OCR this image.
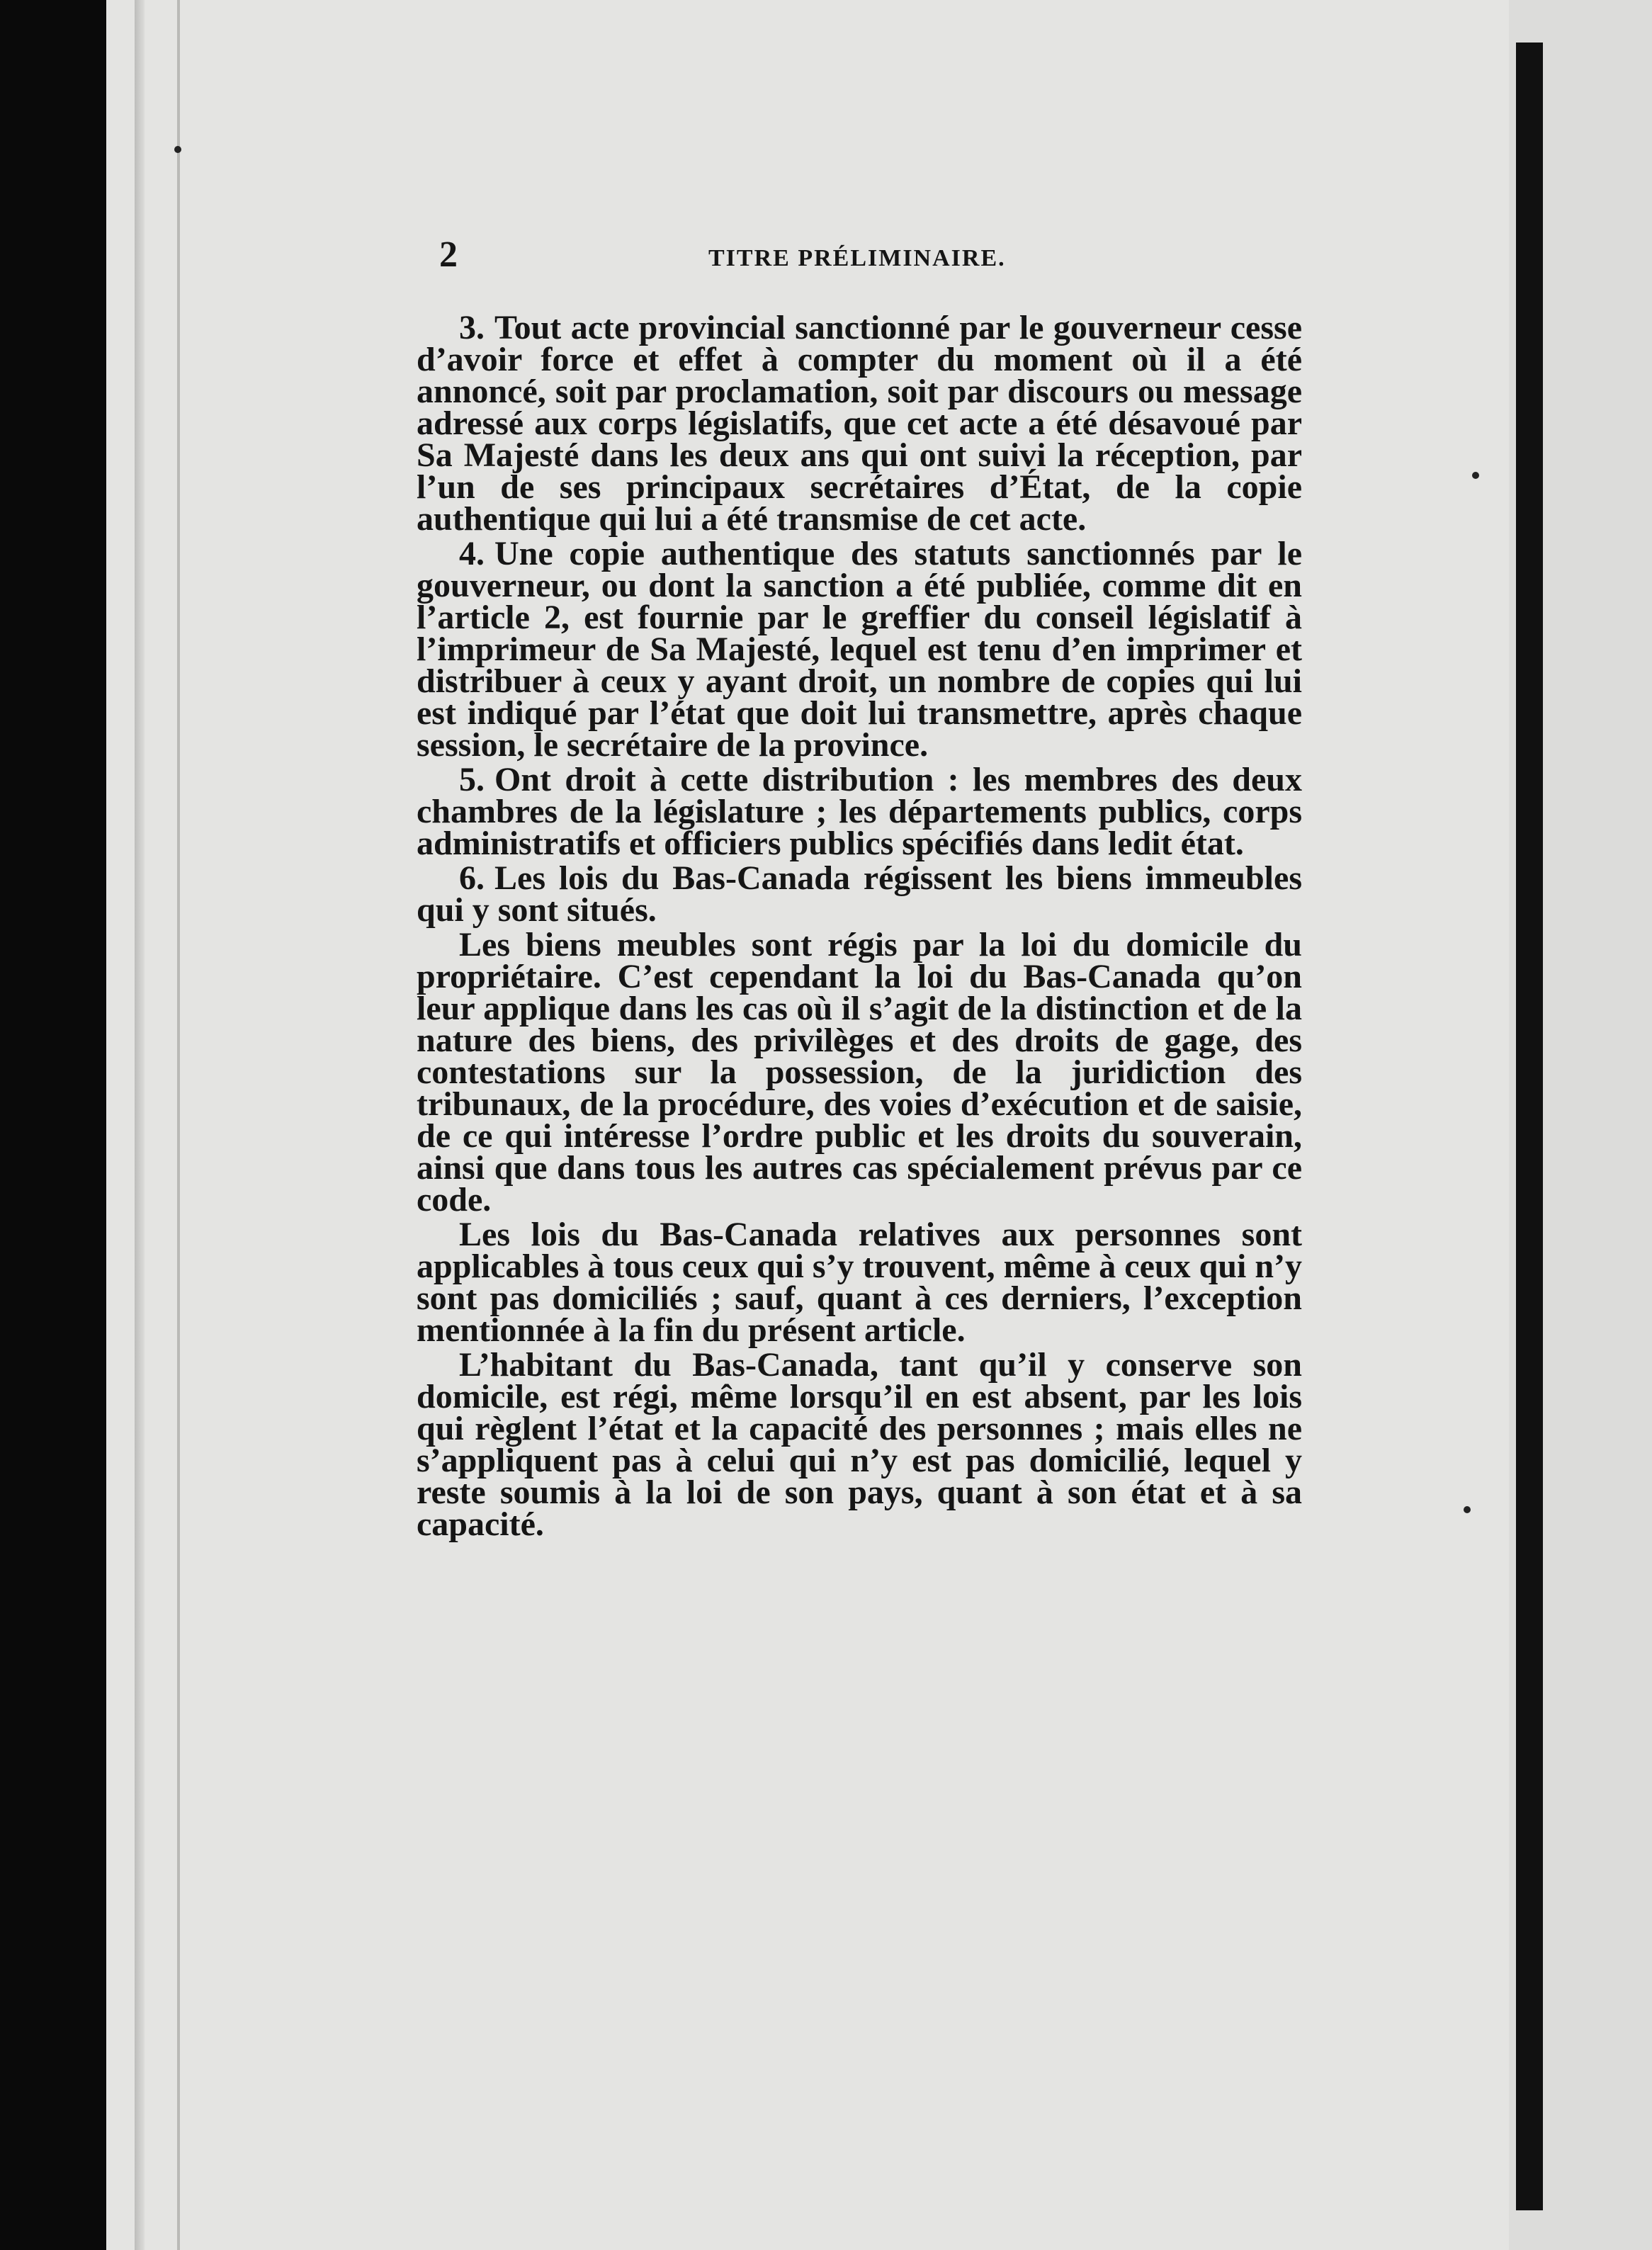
2	TITRE PRÉLIMINAIRE.

3. Tout acte provincial sanctionné par le gouverneur cesse d’avoir force et effet à compter du moment où il a été annoncé, soit par proclamation, soit par discours ou message adressé aux corps législatifs, que cet acte a été désavoué par Sa Majesté dans les deux ans qui ont suivi la réception, par l’un de ses principaux secrétaires d’État, de la copie authentique qui lui a été transmise de cet acte.

4. Une copie authentique des statuts sanctionnés par le gouverneur, ou dont la sanction a été publiée, comme dit en l’article 2, est fournie par le greffier du conseil législatif à l’imprimeur de Sa Majesté, lequel est tenu d’en imprimer et distribuer à ceux y ayant droit, un nombre de copies qui lui est indiqué par l’état que doit lui transmettre, après chaque session, le secrétaire de la province.

5. Ont droit à cette distribution : les membres des deux chambres de la législature ; les départements publics, corps administratifs et officiers publics spécifiés dans ledit état.

6. Les lois du Bas-Canada régissent les biens immeubles qui y sont situés.

Les biens meubles sont régis par la loi du domicile du propriétaire. C’est cependant la loi du Bas-Canada qu’on leur applique dans les cas où il s’agit de la distinction et de la nature des biens, des privilèges et des droits de gage, des contestations sur la possession, de la juridiction des tribunaux, de la procédure, des voies d’exécution et de saisie, de ce qui intéresse l’ordre public et les droits du souverain, ainsi que dans tous les autres cas spécialement prévus par ce code.

Les lois du Bas-Canada relatives aux personnes sont applicables à tous ceux qui s’y trouvent, même à ceux qui n’y sont pas domiciliés ; sauf, quant à ces derniers, l’exception mentionnée à la fin du présent article.

L’habitant du Bas-Canada, tant qu’il y conserve son domicile, est régi, même lorsqu’il en est absent, par les lois qui règlent l’état et la capacité des personnes ; mais elles ne s’appliquent pas à celui qui n’y est pas domicilié, lequel y reste soumis à la loi de son pays, quant à son état et à sa capacité.
